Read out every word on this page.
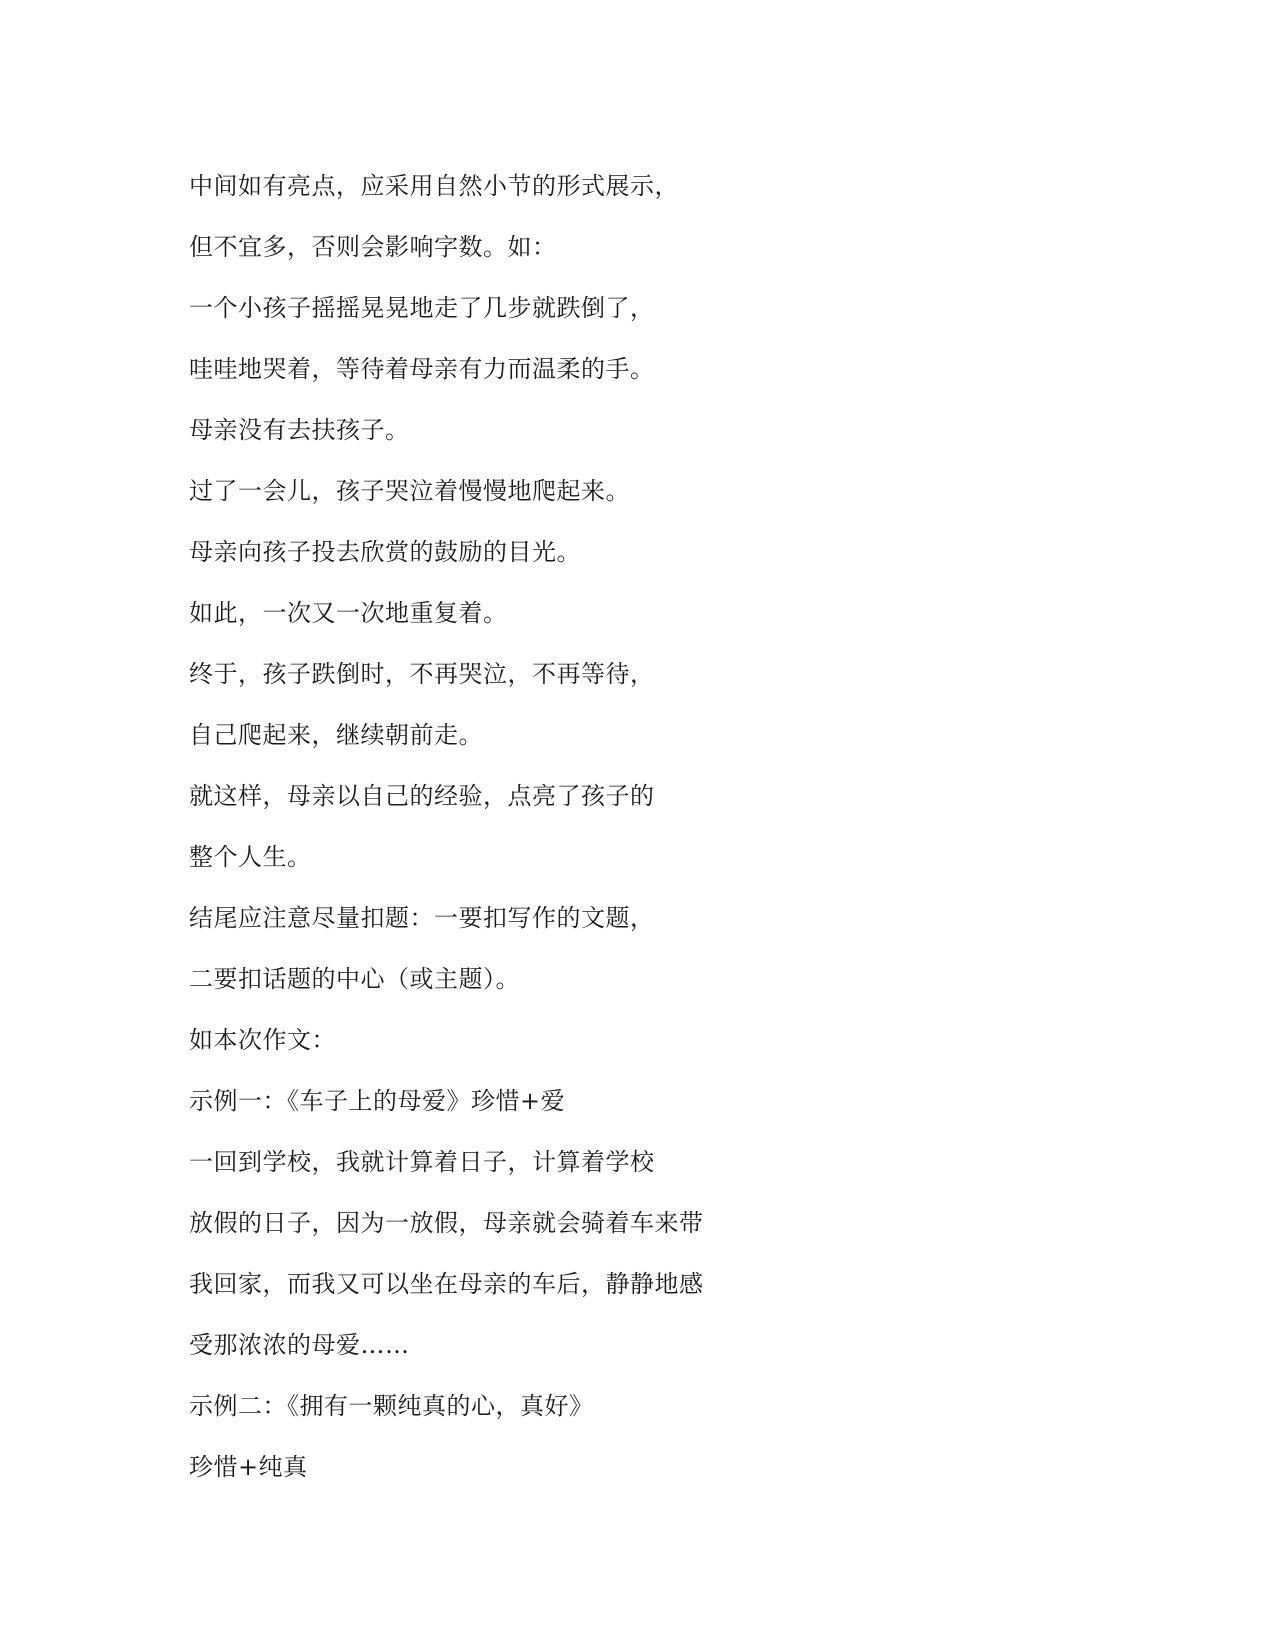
中间如有亮点，应采用自然小节的形式展示，
但不宜多，否则会影响字数。如：
一个小孩子摇摇晃晃地走了几步就跌倒了，
哇哇地哭着，等待着母亲有力而温柔的手。
母亲没有去扶孩子。
过了一会儿，孩子哭泣着慢慢地爬起来。
母亲向孩子投去欣赏的鼓励的目光。
如此，一次又一次地重复着。
终于，孩子跌倒时，不再哭泣，不再等待，
自己爬起来，继续朝前走。
就这样，母亲以自己的经验，点亮了孩子的
整个人生。
结尾应注意尽量扣题：一要扣写作的文题，
二要扣话题的中心（或主题）。
如本次作文：
示例一：《车子上的母爱》珍惜+爱
一回到学校，我就计算着日子，计算着学校
放假的日子，因为一放假，母亲就会骑着车来带
我回家，而我又可以坐在母亲的车后，静静地感
受那浓浓的母爱……
示例二：《拥有一颗纯真的心，真好》
珍惜+纯真
